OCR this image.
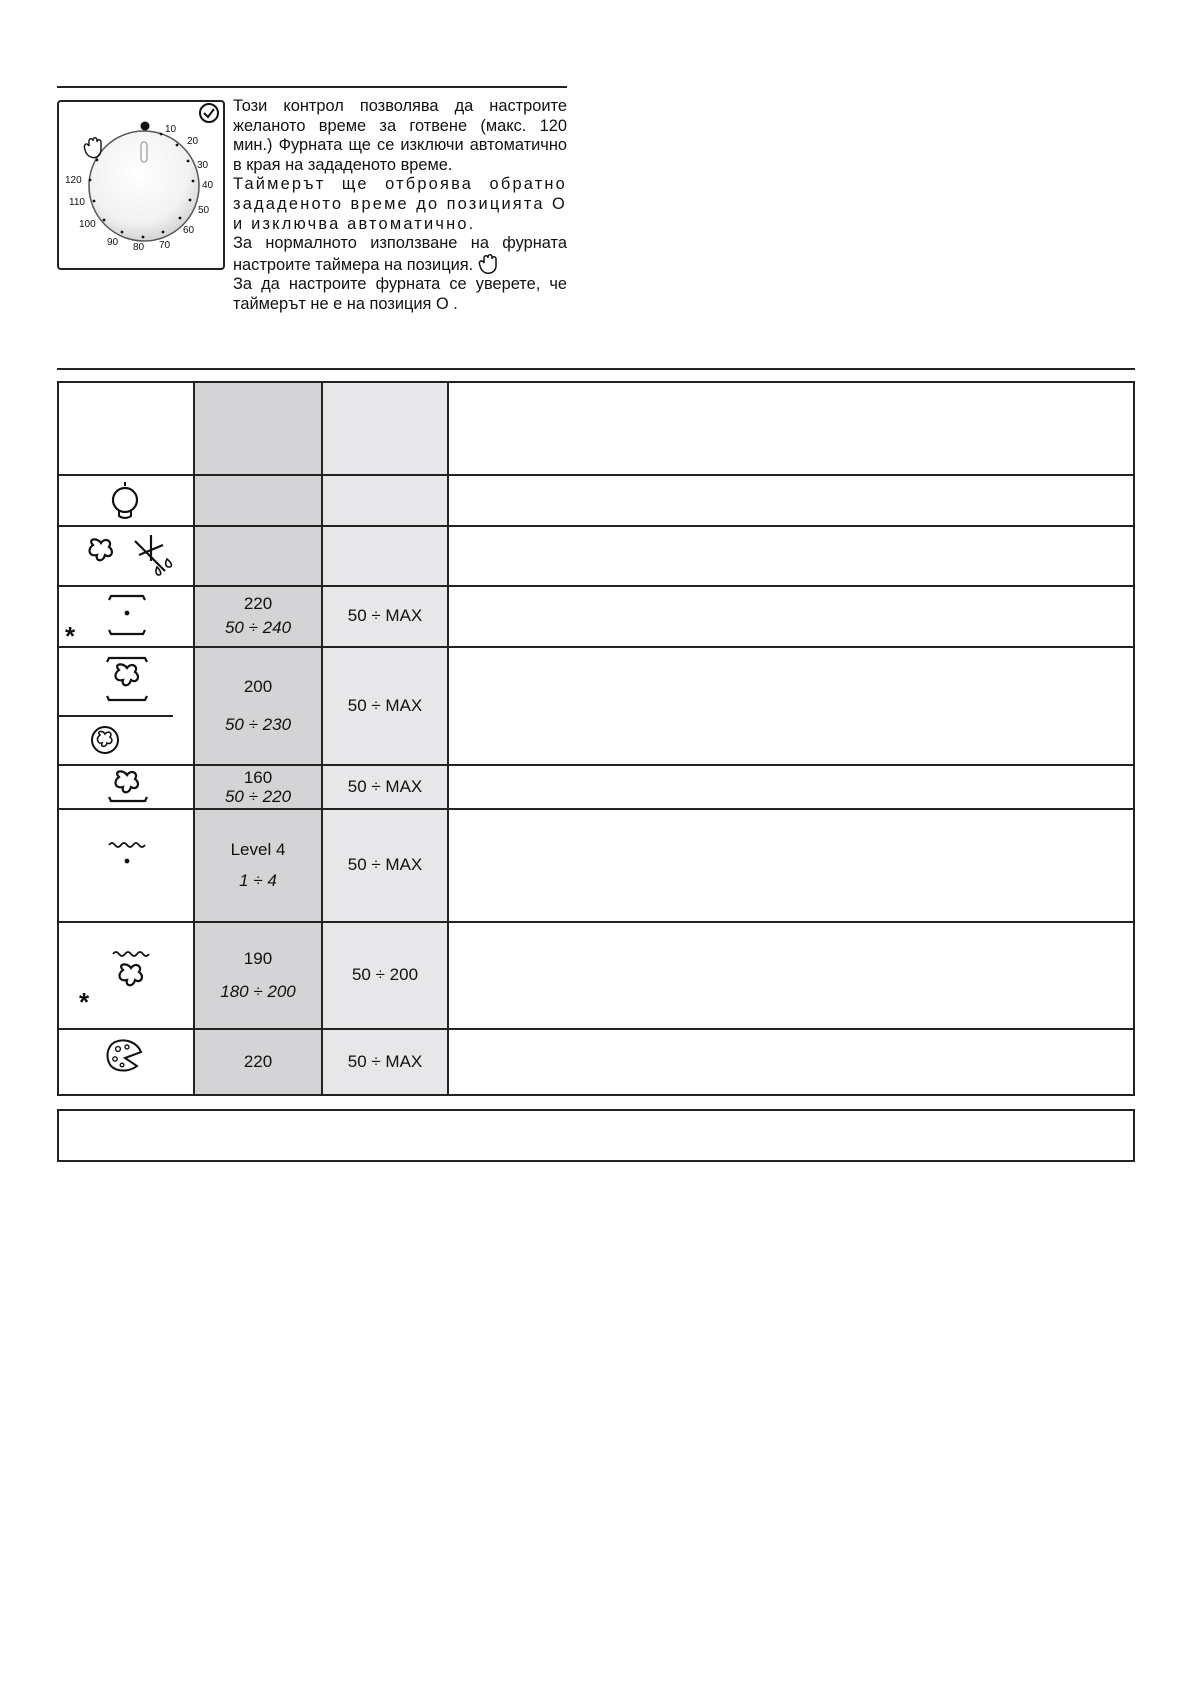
10
20
30
40
50
60
70
80
90
100
110
120

Този контрол позволява да настроите желаното време за готвене (макс. 120 мин.) Фурната ще се изключи автоматично в края на зададеното време.

Таймерът ще отброява обратно зададеното време до позицията О и изключва автоматично.

За нормалното използване на фурната настроите таймера на позиция.

За да настроите фурната се уверете, че таймерът не е на позиция О .

*
220
50 ÷ 240
50 ÷ MAX
200
50 ÷ 230
50 ÷ MAX
160
50 ÷ 220
50 ÷ MAX
Level 4
1 ÷ 4
50 ÷ MAX
*
190
180 ÷ 200
50 ÷ 200
220	50 ÷ MAX
